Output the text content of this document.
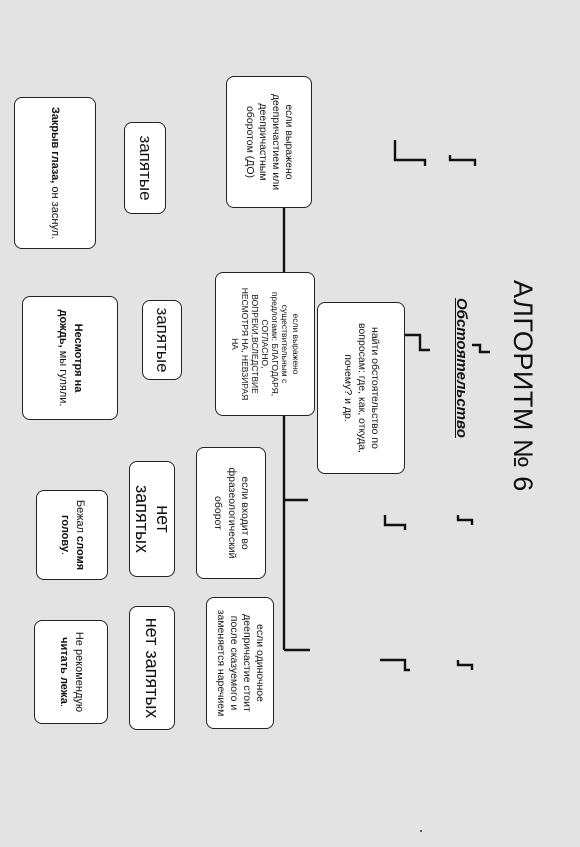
АЛГОРИТМ № 6
Обстоятельство
найти обстоятельство по вопросам: где, как, откуда, почему? и др.
если выражено деепричастием или деепричастным оборотом (ДО)
запятые
Закрыв глаза, он заснул.
если выражено существительным с предлогами: БЛАГОДАРЯ, СОГЛАСНО, ВОПРЕКИ,ВСЛЕДСТВИЕ НЕСМОТРЯ НА, НЕВЗИРАЯ НА
запятые
Несмотря на дождь, мы гуляли.
если входит во фразеологический оборот
нет запятых
Бежал сломя голову.
если одиночное деепричастие стоит после сказуемого и заменяется наречием
нет запятых
Не рекомендую читать лежа.
